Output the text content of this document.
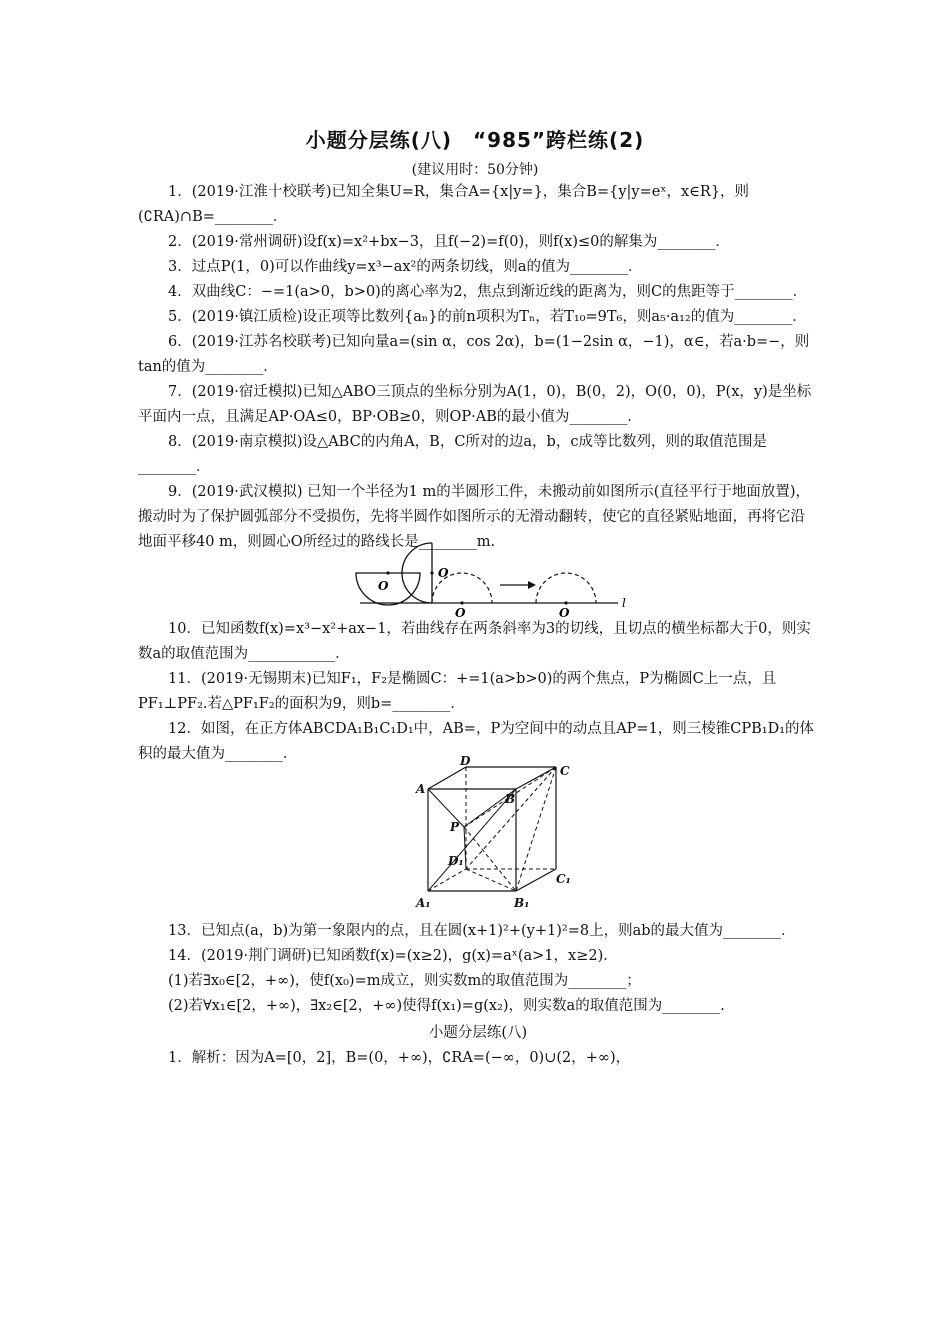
小题分层练(八)　“985”跨栏练(2)
(建议用时：50分钟)

1．(2019·江淮十校联考)已知全集U=R，集合A={x|y=}，集合B={y|y=eˣ，x∈R}，则(∁RA)∩B=________．

2．(2019·常州调研)设f(x)=x²+bx−3，且f(−2)=f(0)，则f(x)≤0的解集为________．

3．过点P(1，0)可以作曲线y=x³−ax²的两条切线，则a的值为________．

4．双曲线C：−=1(a>0，b>0)的离心率为2，焦点到渐近线的距离为，则C的焦距等于________．

5．(2019·镇江质检)设正项等比数列{aₙ}的前n项积为Tₙ，若T₁₀=9T₆，则a₅·a₁₂的值为________．

6．(2019·江苏名校联考)已知向量a=(sin α，cos 2α)，b=(1−2sin α，−1)，α∈，若a·b=−，则tan的值为________．

7．(2019·宿迁模拟)已知△ABO三顶点的坐标分别为A(1，0)，B(0，2)，O(0，0)，P(x，y)是坐标平面内一点，且满足AP·OA≤0，BP·OB≥0，则OP·AB的最小值为________．

8．(2019·南京模拟)设△ABC的内角A，B，C所对的边a，b，c成等比数列，则的取值范围是________．

9．(2019·武汉模拟) 已知一个半径为1 m的半圆形工件，未搬动前如图所示(直径平行于地面放置)，搬动时为了保护圆弧部分不受损伤，先将半圆作如图所示的无滑动翻转，使它的直径紧贴地面，再将它沿地面平移40 m，则圆心O所经过的路线长是________m.

O
O
O	O
l

10．已知函数f(x)=x³−x²+ax−1，若曲线存在两条斜率为3的切线，且切点的横坐标都大于0，则实数a的取值范围为____________．

11．(2019·无锡期末)已知F₁，F₂是椭圆C：+=1(a>b>0)的两个焦点，P为椭圆C上一点，且PF₁⊥PF₂.若△PF₁F₂的面积为9，则b=________．

12．如图，在正方体ABCDA₁B₁C₁D₁中，AB=，P为空间中的动点且AP=1，则三棱锥CPB₁D₁的体积的最大值为________．

A
B
C
D
A₁	B₁
C₁
D₁
P

13．已知点(a，b)为第一象限内的点，且在圆(x+1)²+(y+1)²=8上，则ab的最大值为________．

14．(2019·荆门调研)已知函数f(x)=(x≥2)，g(x)=aˣ(a>1，x≥2)．

(1)若∃x₀∈[2，+∞)，使f(x₀)=m成立，则实数m的取值范围为________；

(2)若∀x₁∈[2，+∞)，∃x₂∈[2，+∞)使得f(x₁)=g(x₂)，则实数a的取值范围为________.

小题分层练(八)

1．解析：因为A=[0，2]，B=(0，+∞)，∁RA=(−∞，0)∪(2，+∞)，
